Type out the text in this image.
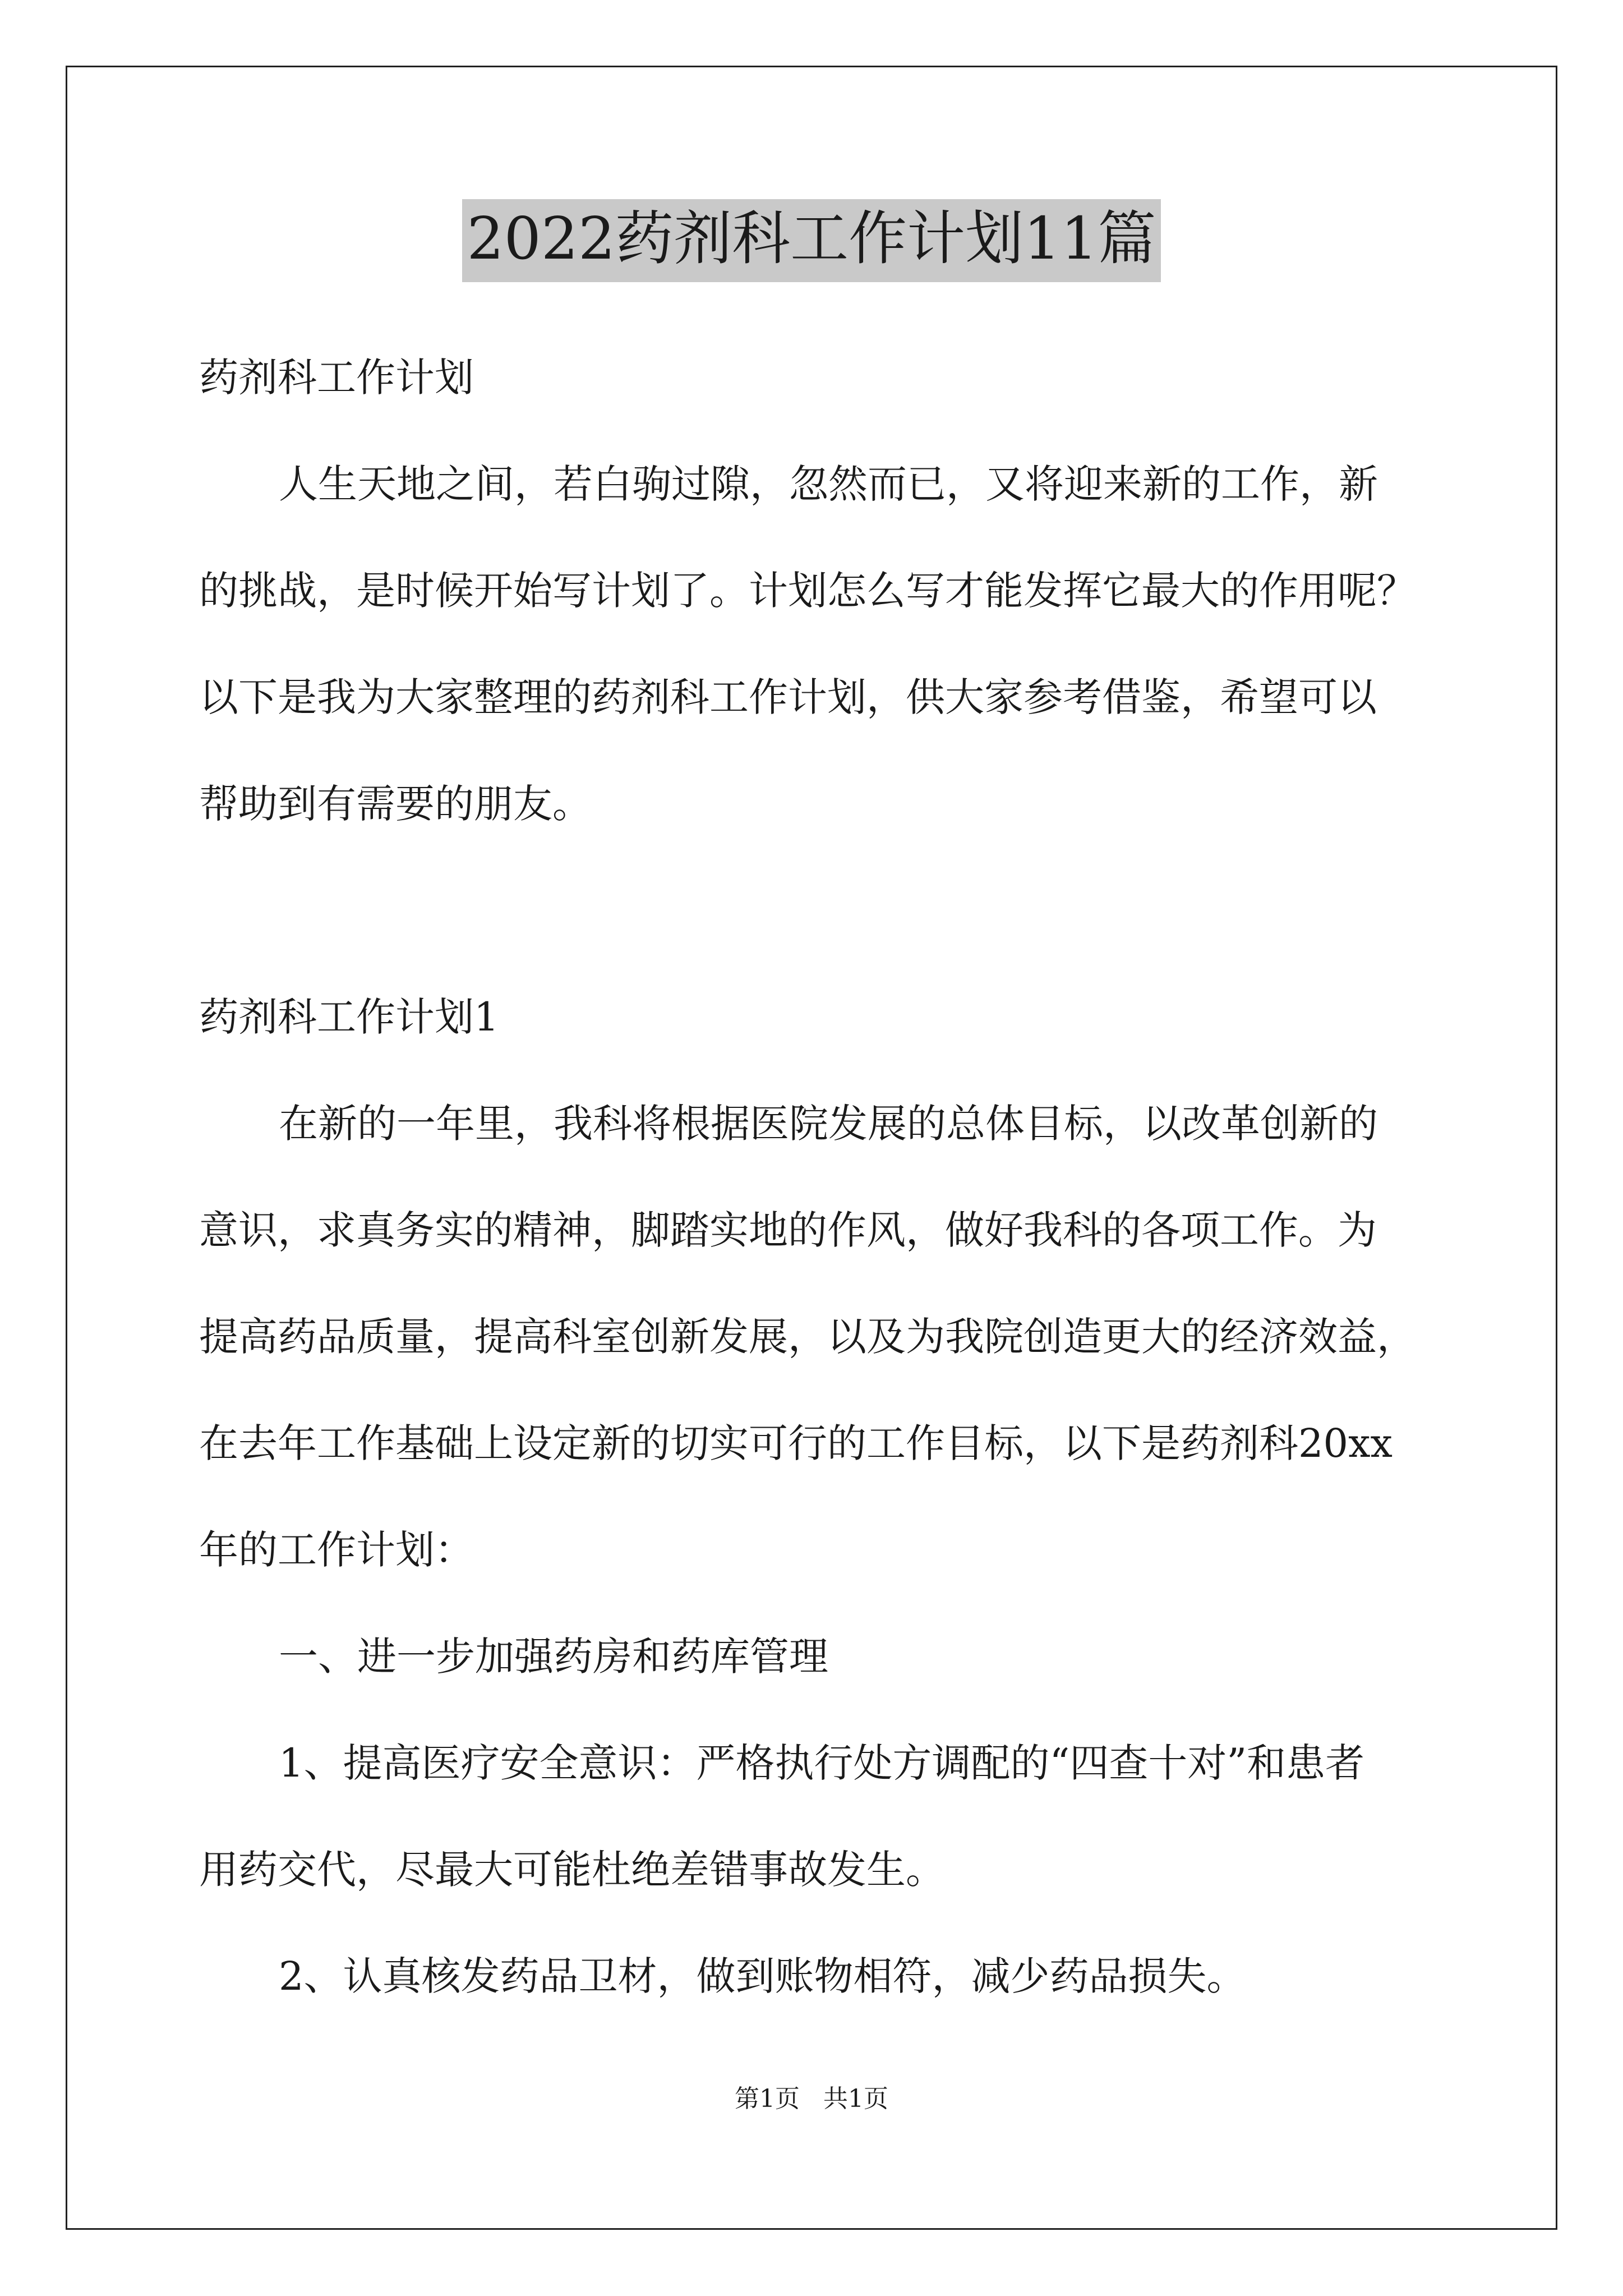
2022药剂科工作计划11篇
药剂科工作计划
人生天地之间，若白驹过隙，忽然而已，又将迎来新的工作，新
的挑战，是时候开始写计划了。计划怎么写才能发挥它最大的作用呢？
以下是我为大家整理的药剂科工作计划，供大家参考借鉴，希望可以
帮助到有需要的朋友。
药剂科工作计划1
在新的一年里，我科将根据医院发展的总体目标，以改革创新的
意识，求真务实的精神，脚踏实地的作风，做好我科的各项工作。为
提高药品质量，提高科室创新发展，以及为我院创造更大的经济效益，
在去年工作基础上设定新的切实可行的工作目标，以下是药剂科20xx
年的工作计划：
一、进一步加强药房和药库管理
1、提高医疗安全意识：严格执行处方调配的“四查十对”和患者
用药交代，尽最大可能杜绝差错事故发生。
2、认真核发药品卫材，做到账物相符，减少药品损失。
第1页   共1页
